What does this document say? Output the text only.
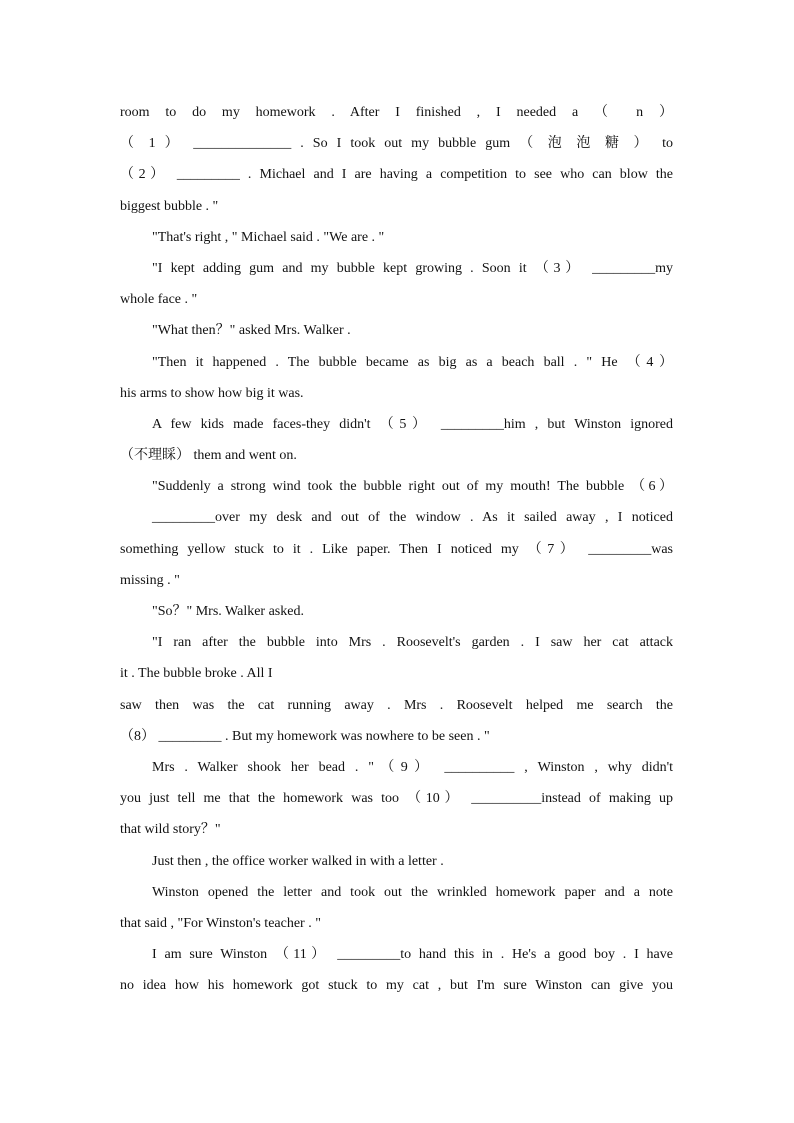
room to do my homework . After I finished , I needed a （ n ）
（ 1 ） ______________ . So I took out my bubble gum （ 泡 泡 糖 ） to
（2） _________ . Michael and I are having a competition to see who can blow the
biggest bubble . "
"That's right , " Michael said . "We are . "
"I kept adding gum and my bubble kept growing . Soon it （3） _________my
whole face . "
"What then？" asked Mrs. Walker .
"Then it happened . The bubble became as big as a beach ball . " He （4）
his arms to show how big it was.
A few kids made faces-they didn't （5） _________him , but Winston ignored
（不理睬） them and went on.
"Suddenly a strong wind took the bubble right out of my mouth! The bubble （6）
_________over my desk and out of the window . As it sailed away , I noticed
something yellow stuck to it . Like paper. Then I noticed my （7） _________was
missing . "
"So？" Mrs. Walker asked.
"I ran after the bubble into Mrs . Roosevelt's garden . I saw her cat attack
it . The bubble broke . All I
saw then was the cat running away . Mrs . Roosevelt helped me search the
（8） _________ . But my homework was nowhere to be seen . "
Mrs . Walker shook her bead . "（9） __________ , Winston , why didn't
you just tell me that the homework was too （10） __________instead of making up
that wild story？"
Just then , the office worker walked in with a letter .
Winston opened the letter and took out the wrinkled homework paper and a note
that said , "For Winston's teacher . "
I am sure Winston （11） _________to hand this in . He's a good boy . I have
no idea how his homework got stuck to my cat , but I'm sure Winston can give you
